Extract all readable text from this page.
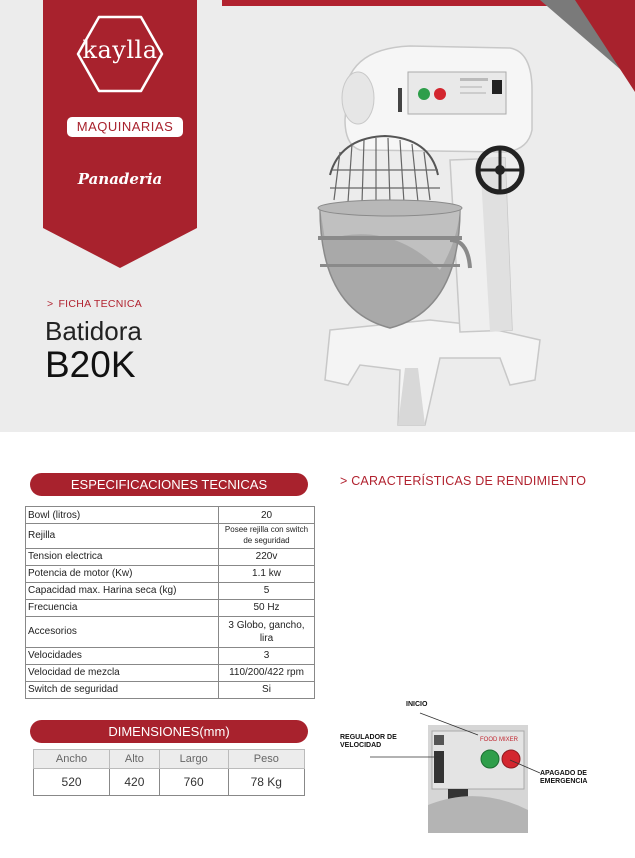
kaylla
MAQUINARIAS
Panaderia
> FICHA TECNICA
Batidora
B20K
ESPECIFICACIONES TECNICAS
Bowl (litros)	20
Rejilla	Posee rejilla con switch de seguridad
Tension electrica	220v
Potencia de motor (Kw)	1.1 kw
Capacidad max. Harina seca (kg)	5
Frecuencia	50 Hz
Accesorios	3 Globo, gancho, lira
Velocidades	3
Velocidad de mezcla	110/200/422 rpm
Switch de seguridad	Si
DIMENSIONES(mm)
Ancho	Alto	Largo	Peso
520	420	760	78 Kg
> CARACTERÍSTICAS DE RENDIMIENTO
FOOD MIXER
INICIO
REGULADOR DE VELOCIDAD
APAGADO DE EMERGENCIA
